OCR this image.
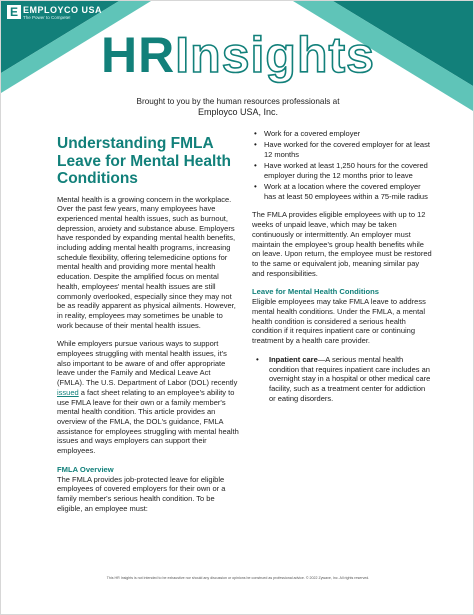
E EMPLOYCO USA
The Power to Compete!
HRInsights
Brought to you by the human resources professionals at
Employco USA, Inc.
Understanding FMLA Leave for Mental Health Conditions

Mental health is a growing concern in the workplace. Over the past few years, many employees have experienced mental health issues, such as burnout, depression, anxiety and substance abuse. Employers have responded by expanding mental health benefits, including adding mental health programs, increasing schedule flexibility, offering telemedicine options for mental health and providing more mental health education. Despite the amplified focus on mental health, employees' mental health issues are still commonly overlooked, especially since they may not be as readily apparent as physical ailments. However, in reality, employees may sometimes be unable to work because of their mental health issues.

While employers pursue various ways to support employees struggling with mental health issues, it's also important to be aware of and offer appropriate leave under the Family and Medical Leave Act (FMLA). The U.S. Department of Labor (DOL) recently issued a fact sheet relating to an employee's ability to use FMLA leave for their own or a family member's mental health condition. This article provides an overview of the FMLA, the DOL's guidance, FMLA assistance for employees struggling with mental health issues and ways employers can support their employees.

FMLA Overview

The FMLA provides job-protected leave for eligible employees of covered employers for their own or a family member's serious health condition. To be eligible, an employee must:

• Work for a covered employer
• Have worked for the covered employer for at least 12 months
• Have worked at least 1,250 hours for the covered employer during the 12 months prior to leave
• Work at a location where the covered employer has at least 50 employees within a 75-mile radius

The FMLA provides eligible employees with up to 12 weeks of unpaid leave, which may be taken continuously or intermittently. An employer must maintain the employee's group health benefits while on leave. Upon return, the employee must be restored to the same or equivalent job, meaning similar pay and responsibilities.

Leave for Mental Health Conditions

Eligible employees may take FMLA leave to address mental health conditions. Under the FMLA, a mental health condition is considered a serious health condition if it requires inpatient care or continuing treatment by a health care provider.

• Inpatient care—A serious mental health condition that requires inpatient care includes an overnight stay in a hospital or other medical care facility, such as a treatment center for addiction or eating disorders.
This HR Insights is not intended to be exhaustive nor should any discussion or opinions be construed as professional advice. © 2022 Zywave, Inc. All rights reserved.
